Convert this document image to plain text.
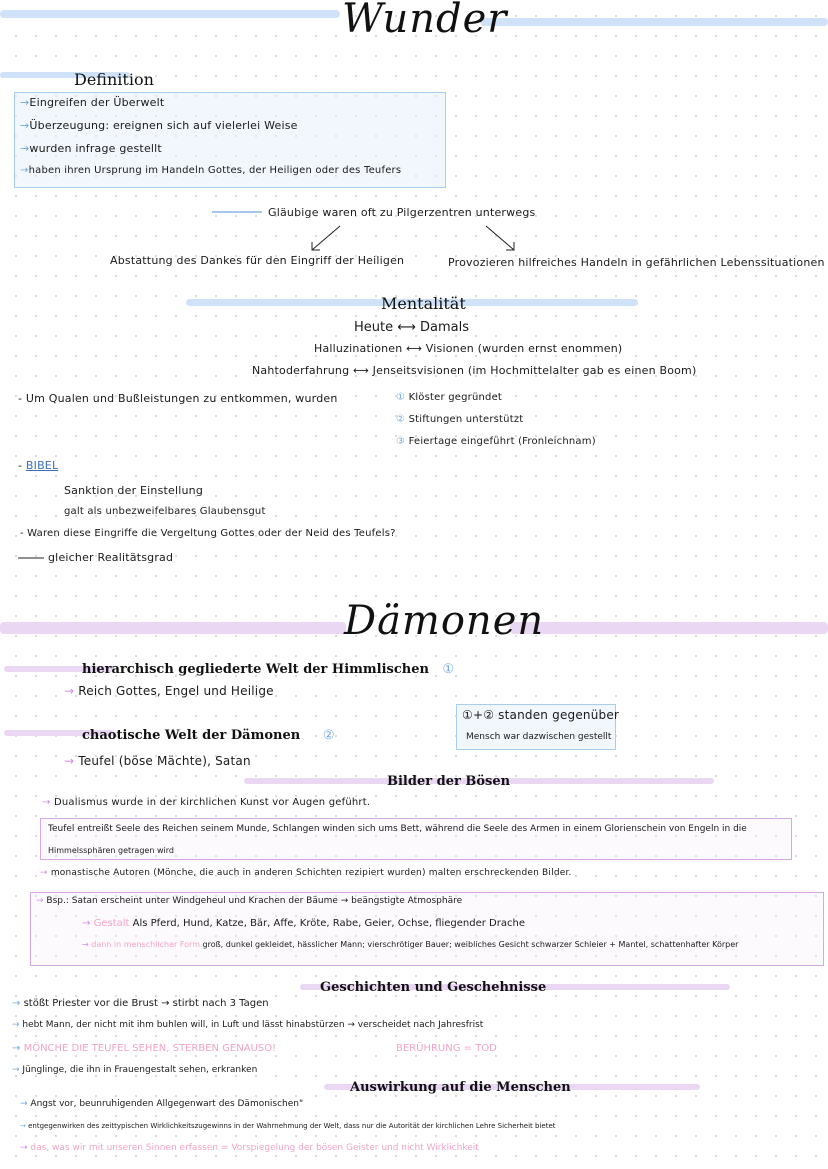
Wunder
Definition
→Eingreifen der Überwelt
→Überzeugung: ereignen sich auf vielerlei Weise
→wurden infrage gestellt
→haben ihren Ursprung im Handeln Gottes, der Heiligen oder des Teufers
Gläubige waren oft zu Pilgerzentren unterwegs
Abstattung des Dankes für den Eingriff der Heiligen	Provozieren hilfreiches Handeln in gefährlichen Lebenssituationen
Mentalität
Heute ⟷ Damals
Halluzinationen ⟷ Visionen (wurden ernst enommen)
Nahtoderfahrung ⟷ Jenseitsvisionen (im Hochmittelalter gab es einen Boom)
- Um Qualen und Bußleistungen zu entkommen, wurden	① Klöster gegründet
② Stiftungen unterstützt
③ Feiertage eingeführt (Fronleichnam)
- BIBEL
Sanktion der Einstellung
galt als unbezweifelbares Glaubensgut
- Waren diese Eingriffe die Vergeltung Gottes oder der Neid des Teufels?
gleicher Realitätsgrad
Dämonen
hierarchisch gegliederte Welt der Himmlischen ①
→ Reich Gottes, Engel und Heilige
chaotische Welt der Dämonen ②
→ Teufel (böse Mächte), Satan
①+② standen gegenüber
Mensch war dazwischen gestellt
Bilder der Bösen
→ Dualismus wurde in der kirchlichen Kunst vor Augen geführt.
Teufel entreißt Seele des Reichen seinem Munde, Schlangen winden sich ums Bett, während die Seele des Armen in einem Glorienschein von Engeln in die
Himmelssphären getragen wird
→ monastische Autoren (Mönche, die auch in anderen Schichten rezipiert wurden) malten erschreckenden Bilder.
→ Bsp.: Satan erscheint unter Windgeheul und Krachen der Bäume → beängstigte Atmosphäre
→ Gestalt Als Pferd, Hund, Katze, Bär, Affe, Kröte, Rabe, Geier, Ochse, fliegender Drache
→ dann in menschlicher Form groß, dunkel gekleidet, hässlicher Mann; vierschrötiger Bauer; weibliches Gesicht schwarzer Schleier + Mantel, schattenhafter Körper
Geschichten und Geschehnisse
→ stößt Priester vor die Brust → stirbt nach 3 Tagen
→ hebt Mann, der nicht mit ihm buhlen will, in Luft und lässt hinabstürzen → verscheidet nach Jahresfrist
→ MÖNCHE DIE TEUFEL SEHEN, STERBEN GENAUSO!	BERÜHRUNG = TOD
→ Jünglinge, die ihn in Frauengestalt sehen, erkranken
Auswirkung auf die Menschen
→ Angst vor, beunruhigenden Allgegenwart des Dämonischen"
→ entgegenwirken des zeittypischen Wirklichkeitszugewinns in der Wahrnehmung der Welt, dass nur die Autorität der kirchlichen Lehre Sicherheit bietet
→ das, was wir mit unseren Sinnen erfassen = Vorspiegelung der bösen Geister und nicht Wirklichkeit
